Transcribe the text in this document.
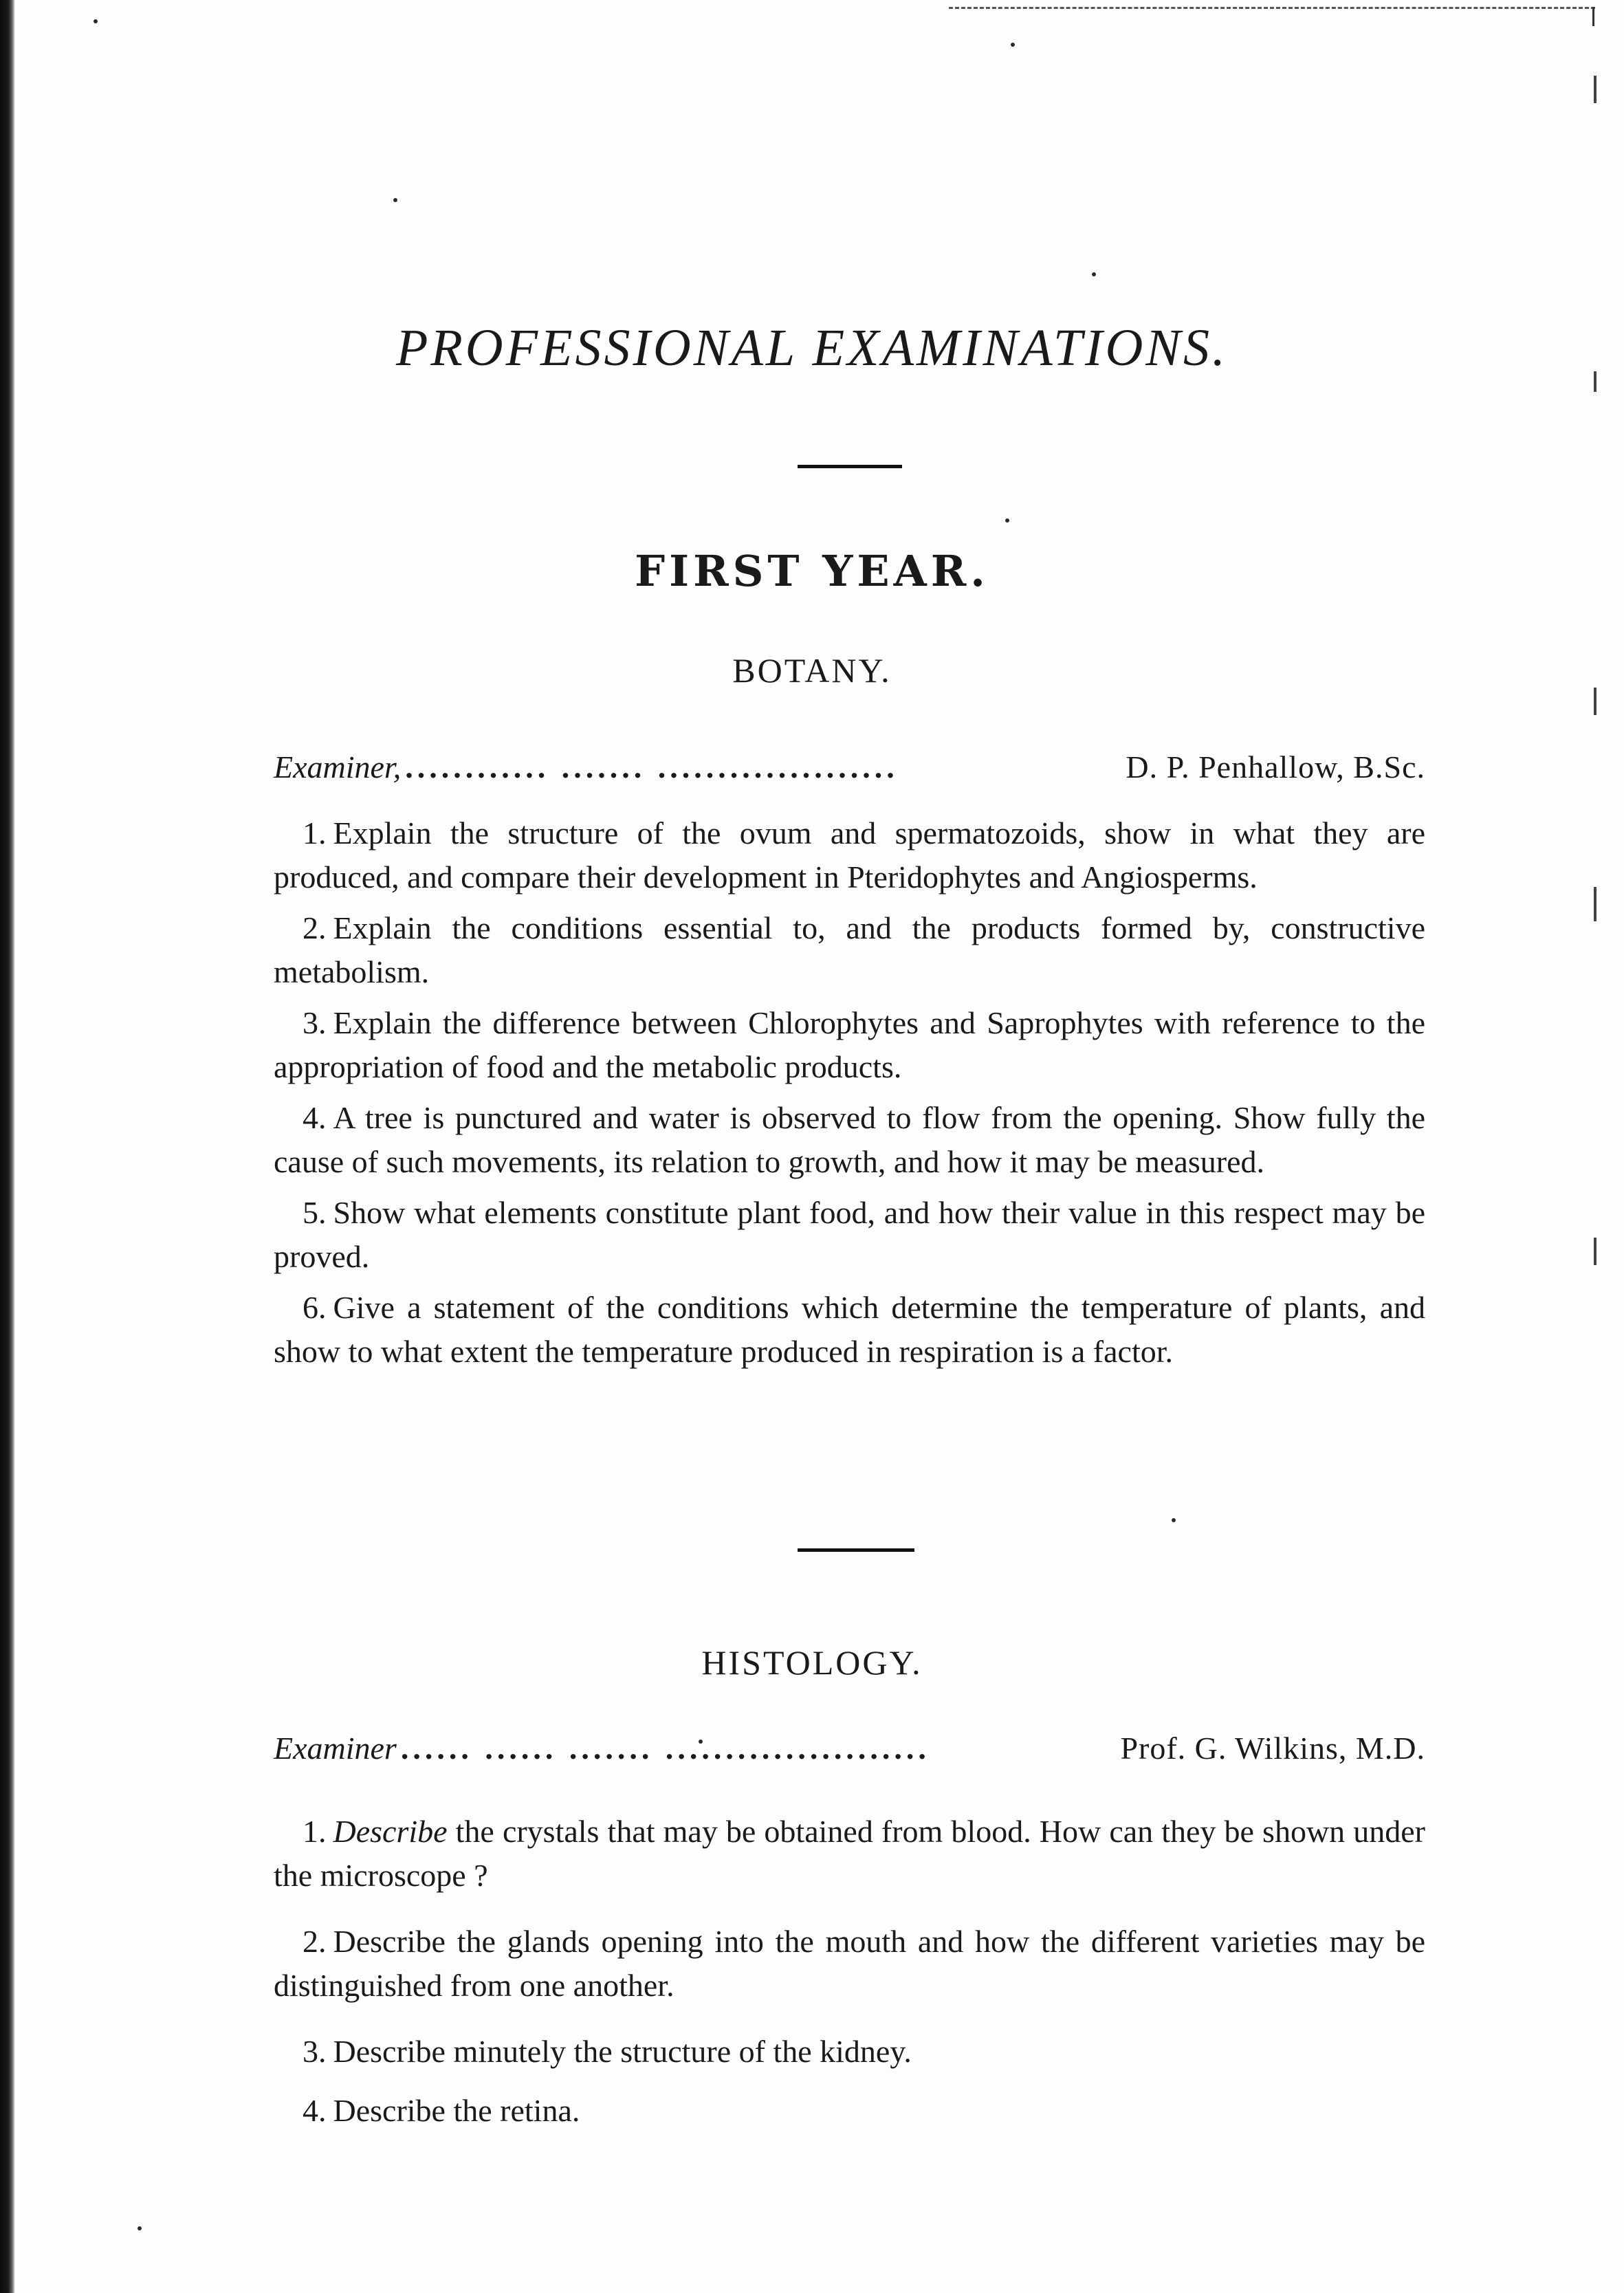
PROFESSIONAL EXAMINATIONS.
FIRST YEAR.
BOTANY.
Examiner, ............ ....... ....................	D. P. Penhallow, B.Sc.
1. Explain the structure of the ovum and spermatozoids, show in what they are produced, and compare their development in Pteridophytes and Angiosperms.
2. Explain the conditions essential to, and the products formed by, constructive metabolism.
3. Explain the difference between Chlorophytes and Saprophytes with reference to the appropriation of food and the metabolic products.
4. A tree is punctured and water is observed to flow from the opening. Show fully the cause of such movements, its relation to growth, and how it may be measured.
5. Show what elements constitute plant food, and how their value in this respect may be proved.
6. Give a statement of the conditions which determine the temperature of plants, and show to what extent the temperature produced in respiration is a factor.
HISTOLOGY.
Examiner ...... ...... ....... ......................	Prof. G. Wilkins, M.D.
1. Describe the crystals that may be obtained from blood. How can they be shown under the microscope ?
2. Describe the glands opening into the mouth and how the different varieties may be distinguished from one another.
3. Describe minutely the structure of the kidney.
4. Describe the retina.
